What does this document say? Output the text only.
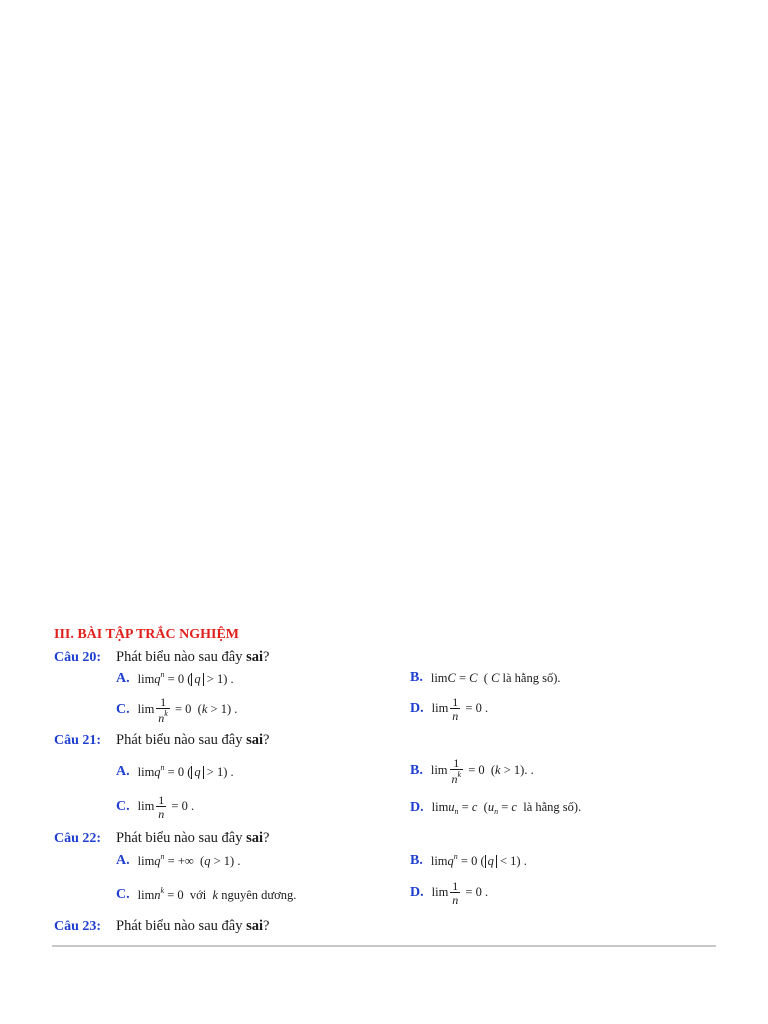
III. BÀI TẬP TRẮC NGHIỆM
Câu 20: Phát biểu nào sau đây sai?
A. limq$^n$ = 0 ( q > 1) .	B. limC = C  ( C là hằng số).
C. $\lim \frac{1}{n^k} = 0$  (k > 1) .	D. $\lim \frac{1}{n} = 0$ .
Câu 21: Phát biểu nào sau đây sai?
A. limq$^n$ = 0 ( q > 1) .	B. $\lim \frac{1}{n^k} = 0$  (k > 1). .
C. $\lim \frac{1}{n} = 0$ .	D. limu$_n$ = c  ($u_n = c$  là hằng số).
Câu 22: Phát biểu nào sau đây sai?
A. limq$^n$ = +∞  (q > 1) .	B. limq$^n$ = 0 ( q < 1) .
C. limn$^k$ = 0  với  k nguyên dương.	D. $\lim \frac{1}{n} = 0$ .
Câu 23: Phát biểu nào sau đây sai?
